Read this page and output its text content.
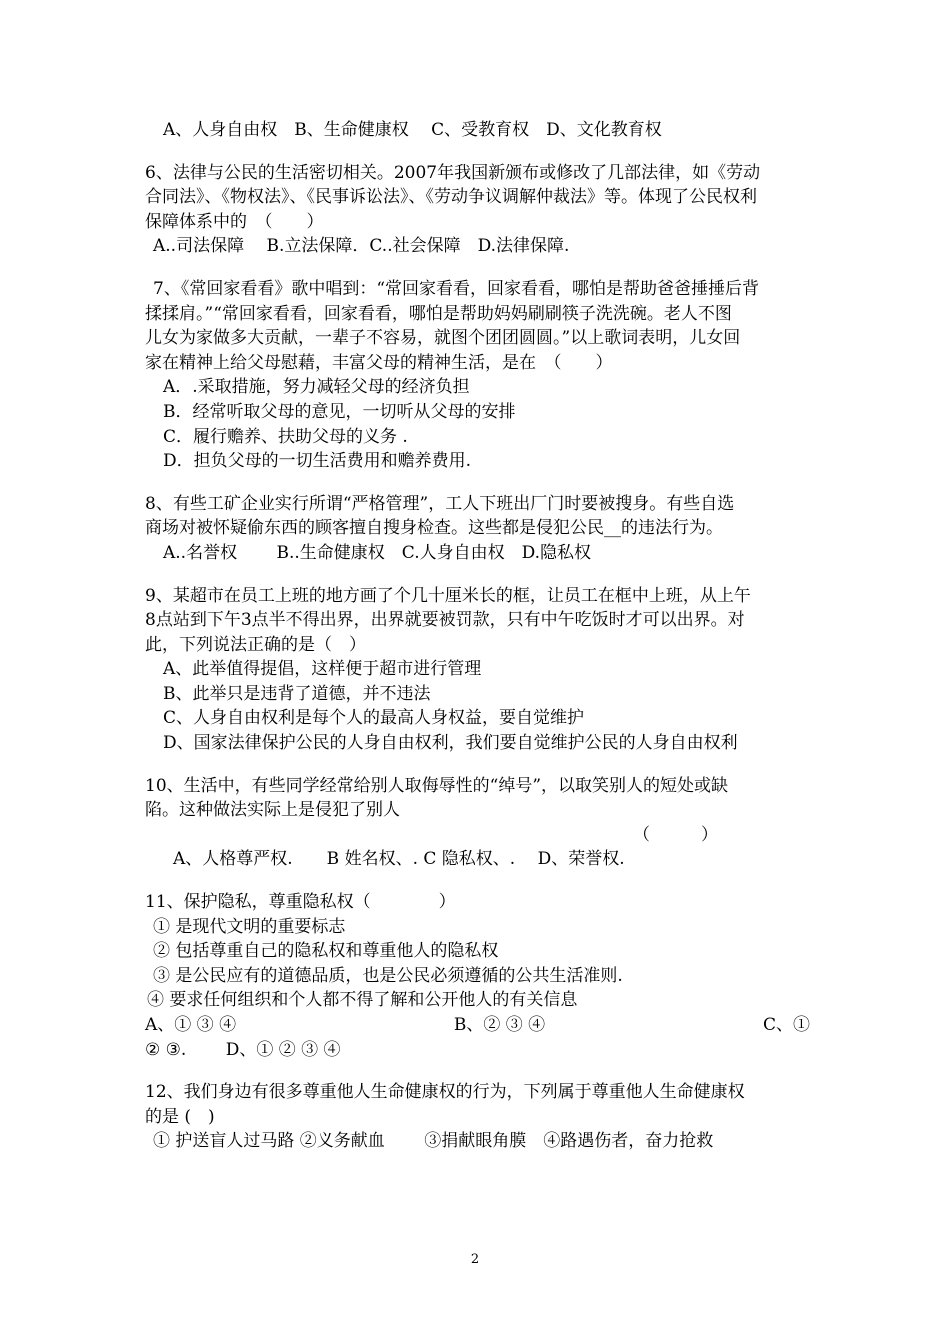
A、人身自由权　B、生命健康权　 C、受教育权　D、文化教育权
6、法律与公民的生活密切相关。2007年我国新颁布或修改了几部法律，如《劳动
合同法》、《物权法》、《民事诉讼法》、《劳动争议调解仲裁法》等。体现了公民权利
保障体系中的　（　　）
A..司法保障　 B.立法保障．C..社会保障　D.法律保障.
7、《常回家看看》歌中唱到：“常回家看看，回家看看，哪怕是帮助爸爸捶捶后背
揉揉肩。”“常回家看看，回家看看，哪怕是帮助妈妈刷刷筷子洗洗碗。老人不图
儿女为家做多大贡献，一辈子不容易，就图个团团圆圆。”以上歌词表明，儿女回
家在精神上给父母慰藉，丰富父母的精神生活，是在　（　　）
A．.采取措施，努力减轻父母的经济负担
B．经常听取父母的意见，一切听从父母的安排
C．履行赡养、扶助父母的义务 .
D．担负父母的一切生活费用和赡养费用.
8、有些工矿企业实行所谓“严格管理”，工人下班出厂门时要被搜身。有些自选
商场对被怀疑偷东西的顾客擅自搜身检查。这些都是侵犯公民__的违法行为。
A..名誉权　　 B..生命健康权　C.人身自由权　D.隐私权
9、某超市在员工上班的地方画了个几十厘米长的框，让员工在框中上班，从上午
8点站到下午3点半不得出界，出界就要被罚款，只有中午吃饭时才可以出界。对
此，下列说法正确的是（　）
A、此举值得提倡，这样便于超市进行管理
B、此举只是违背了道德，并不违法
C、人身自由权利是每个人的最高人身权益，要自觉维护
D、国家法律保护公民的人身自由权利，我们要自觉维护公民的人身自由权利
10、生活中，有些同学经常给别人取侮辱性的“绰号”，以取笑别人的短处或缺
陷。这种做法实际上是侵犯了别人
（　　　）
A、人格尊严权.　　B 姓名权、. C 隐私权、.　 D、荣誉权.
11、保护隐私，尊重隐私权（　　　　）
① 是现代文明的重要标志
② 包括尊重自己的隐私权和尊重他人的隐私权
③ 是公民应有的道德品质，也是公民必须遵循的公共生活准则.
④ 要求任何组织和个人都不得了解和公开他人的有关信息
A、① ③ ④	B、② ③ ④	C、①
② ③.　　 D、① ② ③ ④
12、我们身边有很多尊重他人生命健康权的行为，下列属于尊重他人生命健康权
的是 (　)
① 护送盲人过马路 ②义务献血　　 ③捐献眼角膜　④路遇伤者，奋力抢救
2
